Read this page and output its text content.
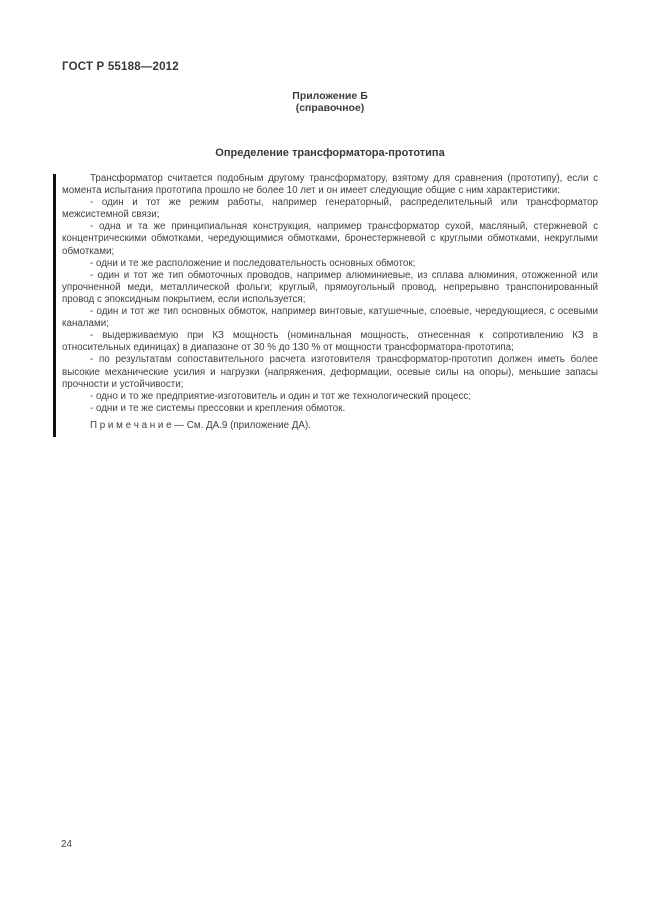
ГОСТ Р 55188—2012
Приложение Б
(справочное)
Определение трансформатора-прототипа

Трансформатор считается подобным другому трансформатору, взятому для сравнения (прототипу), если с момента испытания прототипа прошло не более 10 лет и он имеет следующие общие с ним характеристики:

- один и тот же режим работы, например генераторный, распределительный или трансформатор межсистемной связи;

- одна и та же принципиальная конструкция, например трансформатор сухой, масляный, стержневой с концентрическими обмотками, чередующимися обмотками, бронестержневой с круглыми обмотками, некруглыми обмотками;

- одни и те же расположение и последовательность основных обмоток;

- один и тот же тип обмоточных проводов, например алюминиевые, из сплава алюминия, отожженной или упрочненной меди, металлической фольги; круглый, прямоугольный провод, непрерывно транспонированный провод с эпоксидным покрытием, если используется;

- один и тот же тип основных обмоток, например винтовые, катушечные, слоевые, чередующиеся, с осевыми каналами;

- выдерживаемую при КЗ мощность (номинальная мощность, отнесенная к сопротивлению КЗ в относительных единицах) в диапазоне от 30 % до 130 % от мощности трансформатора-прототипа;

- по результатам сопоставительного расчета изготовителя трансформатор-прототип должен иметь более высокие механические усилия и нагрузки (напряжения, деформации, осевые силы на опоры), меньшие запасы прочности и устойчивости;

- одно и то же предприятие-изготовитель и один и тот же технологический процесс;

- одни и те же системы прессовки и крепления обмоток.

П р и м е ч а н и е — См. ДА.9 (приложение ДА).

24
